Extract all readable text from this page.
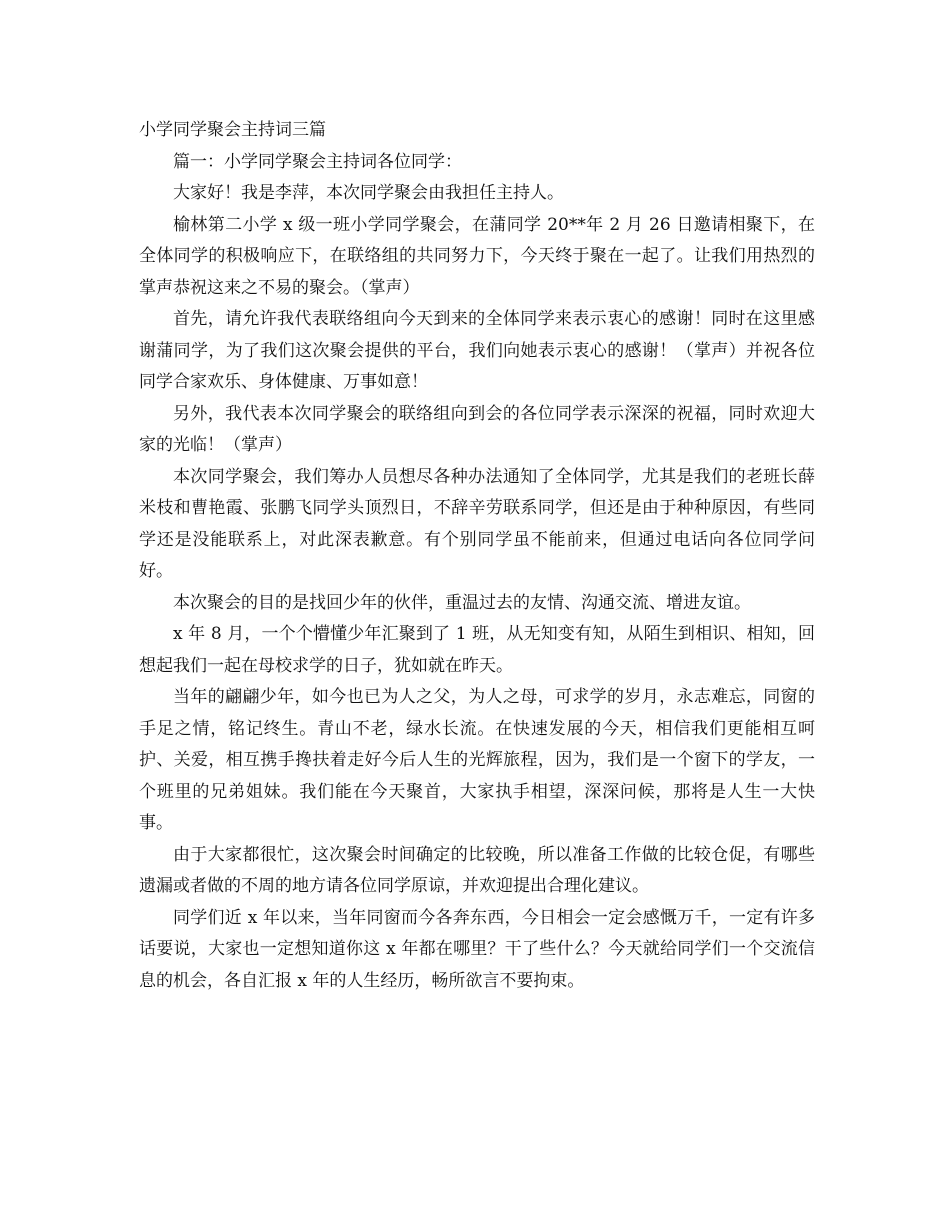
小学同学聚会主持词三篇

篇一：小学同学聚会主持词各位同学：

大家好！我是李萍，本次同学聚会由我担任主持人。

榆林第二小学 x 级一班小学同学聚会，在蒲同学 20**年 2 月 26 日邀请相聚下，在全体同学的积极响应下，在联络组的共同努力下，今天终于聚在一起了。让我们用热烈的掌声恭祝这来之不易的聚会。（掌声）

首先，请允许我代表联络组向今天到来的全体同学来表示衷心的感谢！同时在这里感谢蒲同学，为了我们这次聚会提供的平台，我们向她表示衷心的感谢！（掌声）并祝各位同学合家欢乐、身体健康、万事如意！

另外，我代表本次同学聚会的联络组向到会的各位同学表示深深的祝福，同时欢迎大家的光临！（掌声）

本次同学聚会，我们筹办人员想尽各种办法通知了全体同学，尤其是我们的老班长薛米枝和曹艳霞、张鹏飞同学头顶烈日，不辞辛劳联系同学，但还是由于种种原因，有些同学还是没能联系上，对此深表歉意。有个别同学虽不能前来，但通过电话向各位同学问好。

本次聚会的目的是找回少年的伙伴，重温过去的友情、沟通交流、增进友谊。

x 年 8 月，一个个懵懂少年汇聚到了 1 班，从无知变有知，从陌生到相识、相知，回想起我们一起在母校求学的日子，犹如就在昨天。

当年的翩翩少年，如今也已为人之父，为人之母，可求学的岁月，永志难忘，同窗的手足之情，铭记终生。青山不老，绿水长流。在快速发展的今天，相信我们更能相互呵护、关爱，相互携手搀扶着走好今后人生的光辉旅程，因为，我们是一个窗下的学友，一个班里的兄弟姐妹。我们能在今天聚首，大家执手相望，深深问候，那将是人生一大快事。

由于大家都很忙，这次聚会时间确定的比较晚，所以准备工作做的比较仓促，有哪些遗漏或者做的不周的地方请各位同学原谅，并欢迎提出合理化建议。

同学们近 x 年以来，当年同窗而今各奔东西，今日相会一定会感慨万千，一定有许多话要说，大家也一定想知道你这 x 年都在哪里？干了些什么？今天就给同学们一个交流信息的机会，各自汇报 x 年的人生经历，畅所欲言不要拘束。
